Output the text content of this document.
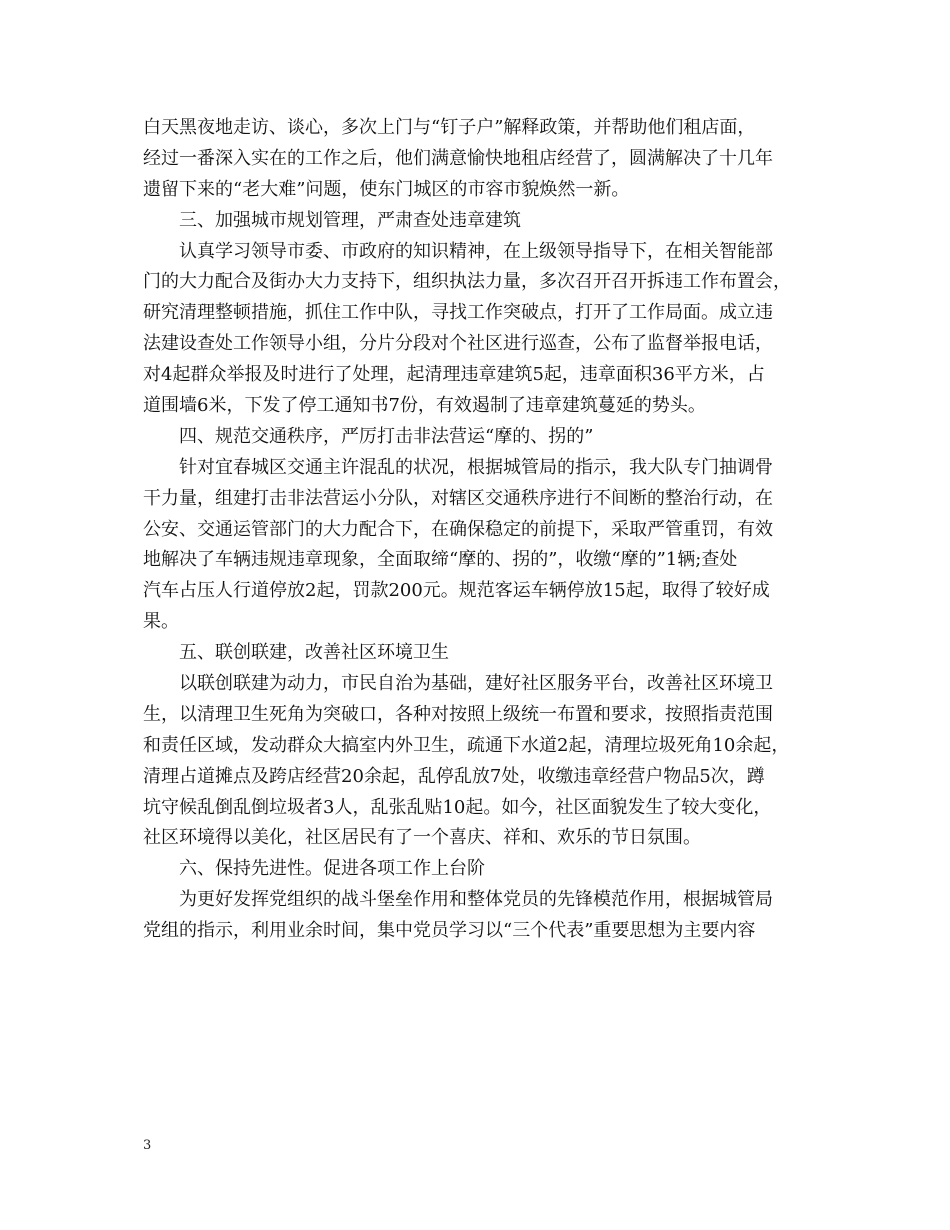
白天黑夜地走访、谈心，多次上门与“钉子户”解释政策，并帮助他们租店面，
经过一番深入实在的工作之后，他们满意愉快地租店经营了，圆满解决了十几年
遗留下来的“老大难”问题，使东门城区的市容市貌焕然一新。
三、加强城市规划管理，严肃查处违章建筑
认真学习领导市委、市政府的知识精神，在上级领导指导下，在相关智能部
门的大力配合及街办大力支持下，组织执法力量，多次召开召开拆违工作布置会，
研究清理整顿措施，抓住工作中队，寻找工作突破点，打开了工作局面。成立违
法建设查处工作领导小组，分片分段对个社区进行巡查，公布了监督举报电话，
对4起群众举报及时进行了处理，起清理违章建筑5起，违章面积36平方米，占
道围墙6米，下发了停工通知书7份，有效遏制了违章建筑蔓延的势头。
四、规范交通秩序，严厉打击非法营运“摩的、拐的”
针对宜春城区交通主许混乱的状况，根据城管局的指示，我大队专门抽调骨
干力量，组建打击非法营运小分队，对辖区交通秩序进行不间断的整治行动，在
公安、交通运管部门的大力配合下，在确保稳定的前提下，采取严管重罚，有效
地解决了车辆违规违章现象，全面取缔“摩的、拐的”，收缴“摩的”1辆;查处
汽车占压人行道停放2起，罚款200元。规范客运车辆停放15起，取得了较好成
果。
五、联创联建，改善社区环境卫生
以联创联建为动力，市民自治为基础，建好社区服务平台，改善社区环境卫
生，以清理卫生死角为突破口，各种对按照上级统一布置和要求，按照指责范围
和责任区域，发动群众大搞室内外卫生，疏通下水道2起，清理垃圾死角10余起，
清理占道摊点及跨店经营20余起，乱停乱放7处，收缴违章经营户物品5次，蹲
坑守候乱倒乱倒垃圾者3人，乱张乱贴10起。如今，社区面貌发生了较大变化，
社区环境得以美化，社区居民有了一个喜庆、祥和、欢乐的节日氛围。
六、保持先进性。促进各项工作上台阶
为更好发挥党组织的战斗堡垒作用和整体党员的先锋模范作用，根据城管局
党组的指示，利用业余时间，集中党员学习以“三个代表”重要思想为主要内容
3
